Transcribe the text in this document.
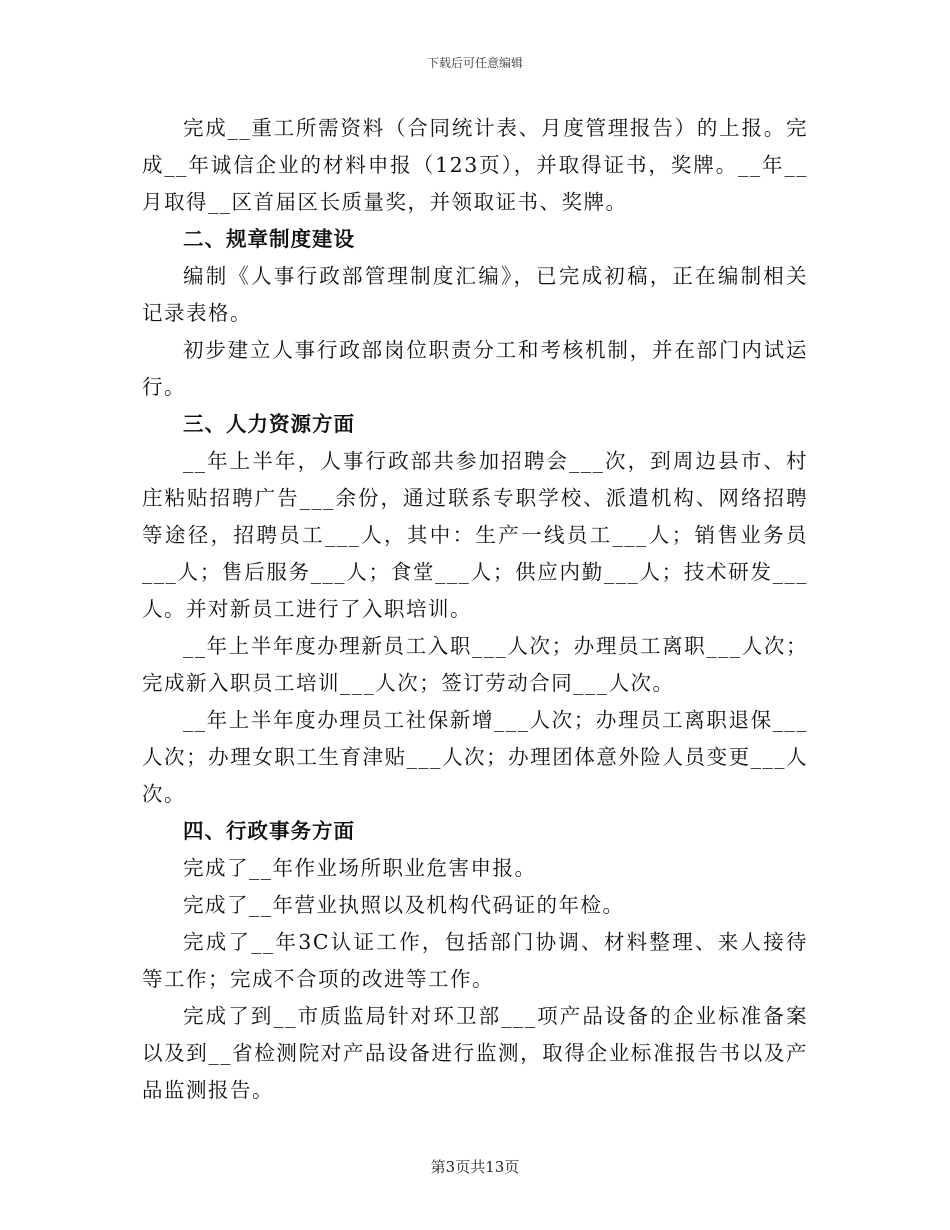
下载后可任意编辑

完成__重工所需资料（合同统计表、月度管理报告）的上报。完成__年诚信企业的材料申报（123页），并取得证书，奖牌。__年__月取得__区首届区长质量奖，并领取证书、奖牌。

二、规章制度建设

编制《人事行政部管理制度汇编》，已完成初稿，正在编制相关记录表格。

初步建立人事行政部岗位职责分工和考核机制，并在部门内试运行。

三、人力资源方面

__年上半年，人事行政部共参加招聘会___次，到周边县市、村庄粘贴招聘广告___余份，通过联系专职学校、派遣机构、网络招聘等途径，招聘员工___人，其中：生产一线员工___人；销售业务员___人；售后服务___人；食堂___人；供应内勤___人；技术研发___人。并对新员工进行了入职培训。

__年上半年度办理新员工入职___人次；办理员工离职___人次；完成新入职员工培训___人次；签订劳动合同___人次。

__年上半年度办理员工社保新增___人次；办理员工离职退保___人次；办理女职工生育津贴___人次；办理团体意外险人员变更___人次。

四、行政事务方面

完成了__年作业场所职业危害申报。

完成了__年营业执照以及机构代码证的年检。

完成了__年3C认证工作，包括部门协调、材料整理、来人接待等工作；完成不合项的改进等工作。

完成了到__市质监局针对环卫部___项产品设备的企业标准备案以及到__省检测院对产品设备进行监测，取得企业标准报告书以及产品监测报告。

第3页共13页
